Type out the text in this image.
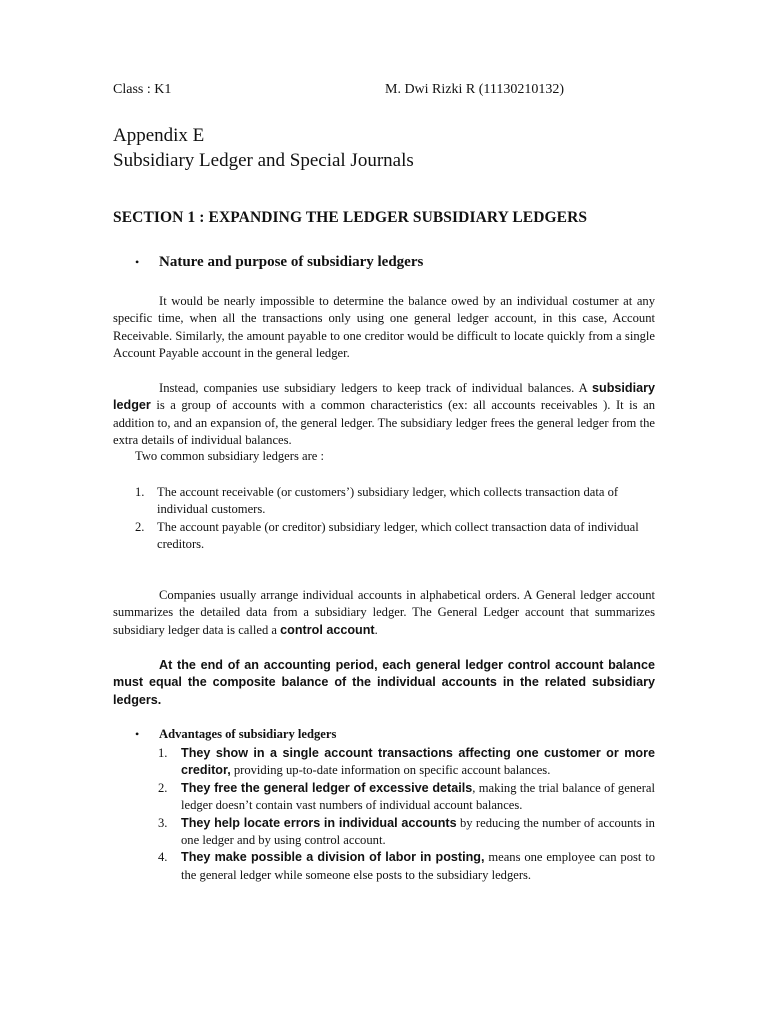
Class : K1	M. Dwi Rizki R (11130210132)
Appendix E
Subsidiary Ledger and Special Journals
SECTION 1 : EXPANDING THE LEDGER SUBSIDIARY LEDGERS
•	Nature and purpose of subsidiary ledgers
It would be nearly impossible to determine the balance owed by an individual costumer at any specific time, when all the transactions only using one general ledger account, in this case, Account Receivable. Similarly, the amount payable to one creditor would be difficult to locate quickly from a single Account Payable account in the general ledger.
Instead, companies use subsidiary ledgers to keep track of individual balances. A subsidiary ledger is a group of accounts with a common characteristics (ex: all accounts receivables ). It is an addition to, and an expansion of, the general ledger. The subsidiary ledger frees the general ledger from the extra details of individual balances.
Two common subsidiary ledgers are :
1. The account receivable (or customers’) subsidiary ledger, which collects transaction data of individual customers.
2. The account payable (or creditor) subsidiary ledger, which collect transaction data of individual creditors.
Companies usually arrange individual accounts in alphabetical orders. A General ledger account summarizes the detailed data from a subsidiary ledger. The General Ledger account that summarizes subsidiary ledger data is called a control account.
At the end of an accounting period, each general ledger control account balance must equal the composite balance of the individual accounts in the related subsidiary ledgers.
•	Advantages of subsidiary ledgers
1.	They show in a single account transactions affecting one customer or more creditor, providing up-to-date information on specific account balances.
2.	They free the general ledger of excessive details, making the trial balance of general ledger doesn’t contain vast numbers of individual account balances.
3.	They help locate errors in individual accounts by reducing the number of accounts in one ledger and by using control account.
4.	They make possible a division of labor in posting, means one employee can post to the general ledger while someone else posts to the subsidiary ledgers.
